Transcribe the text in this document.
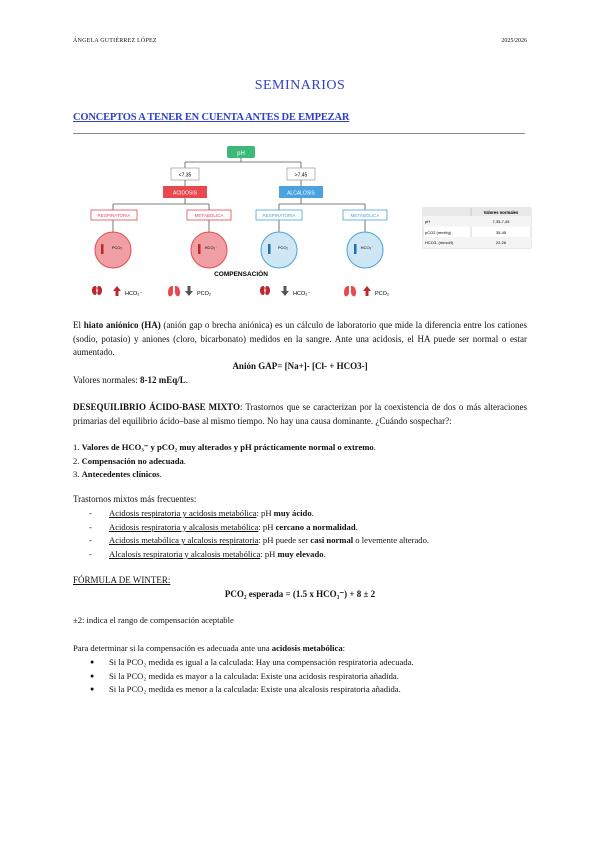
ÁNGELA GUTIÉRREZ LÓPEZ	2025/2026
SEMINARIOS
CONCEPTOS A TENER EN CUENTA ANTES DE EMPEZAR
pH
<7.35	>7.45
ACIDOSIS	ALCALOSIS
RESPIRATORIA	METABÓLICA	RESPIRATORIA	METABÓLICA
PCO₂	HCO₃⁻	PCO₂	HCO₃⁻
COMPENSACIÓN
HCO₃⁻	PCO₂	HCO₃⁻	PCO₂
Valores normales
pH	7,35-7,45
pCO2 (mmHg)	35-45
HCO3- (mmol/l)	22-26
El hiato aniónico (HA) (anión gap o brecha aniónica) es un cálculo de laboratorio que mide la diferencia entre los cationes (sodio, potasio) y aniones (cloro, bicarbonato) medidos en la sangre. Ante una acidosis, el HA puede ser normal o estar aumentado.
Anión GAP= [Na+]- [Cl- + HCO3-]
Valores normales: 8-12 mEq/L.
DESEQUILIBRIO ÁCIDO-BASE MIXTO: Trastornos que se caracterizan por la coexistencia de dos o más alteraciones primarias del equilibrio ácido–base al mismo tiempo. No hay una causa dominante. ¿Cuándo sospechar?:
1. Valores de HCO₃⁻ y pCO₂ muy alterados y pH prácticamente normal o extremo.
2. Compensación no adecuada.
3. Antecedentes clínicos.
Trastornos mixtos más frecuentes:
- Acidosis respiratoria y acidosis metabólica: pH muy ácido.
- Acidosis respiratoria y alcalosis metabólica: pH cercano a normalidad.
- Acidosis metabólica y alcalosis respiratoria: pH puede ser casi normal o levemente alterado.
- Alcalosis respiratoria y alcalosis metabólica: pH muy elevado.
FÓRMULA DE WINTER:
PCO₂ esperada = (1.5 x HCO₃⁻) + 8 ± 2
±2: indica el rango de compensación aceptable
Para determinar si la compensación es adecuada ante una acidosis metabólica:
● Si la PCO₂ medida es igual a la calculada: Hay una compensación respiratoria adecuada.
● Si la PCO₂ medida es mayor a la calculada: Existe una acidosis respiratoria añadida.
● Si la PCO₂ medida es menor a la calculada: Existe una alcalosis respiratoria añadida.
